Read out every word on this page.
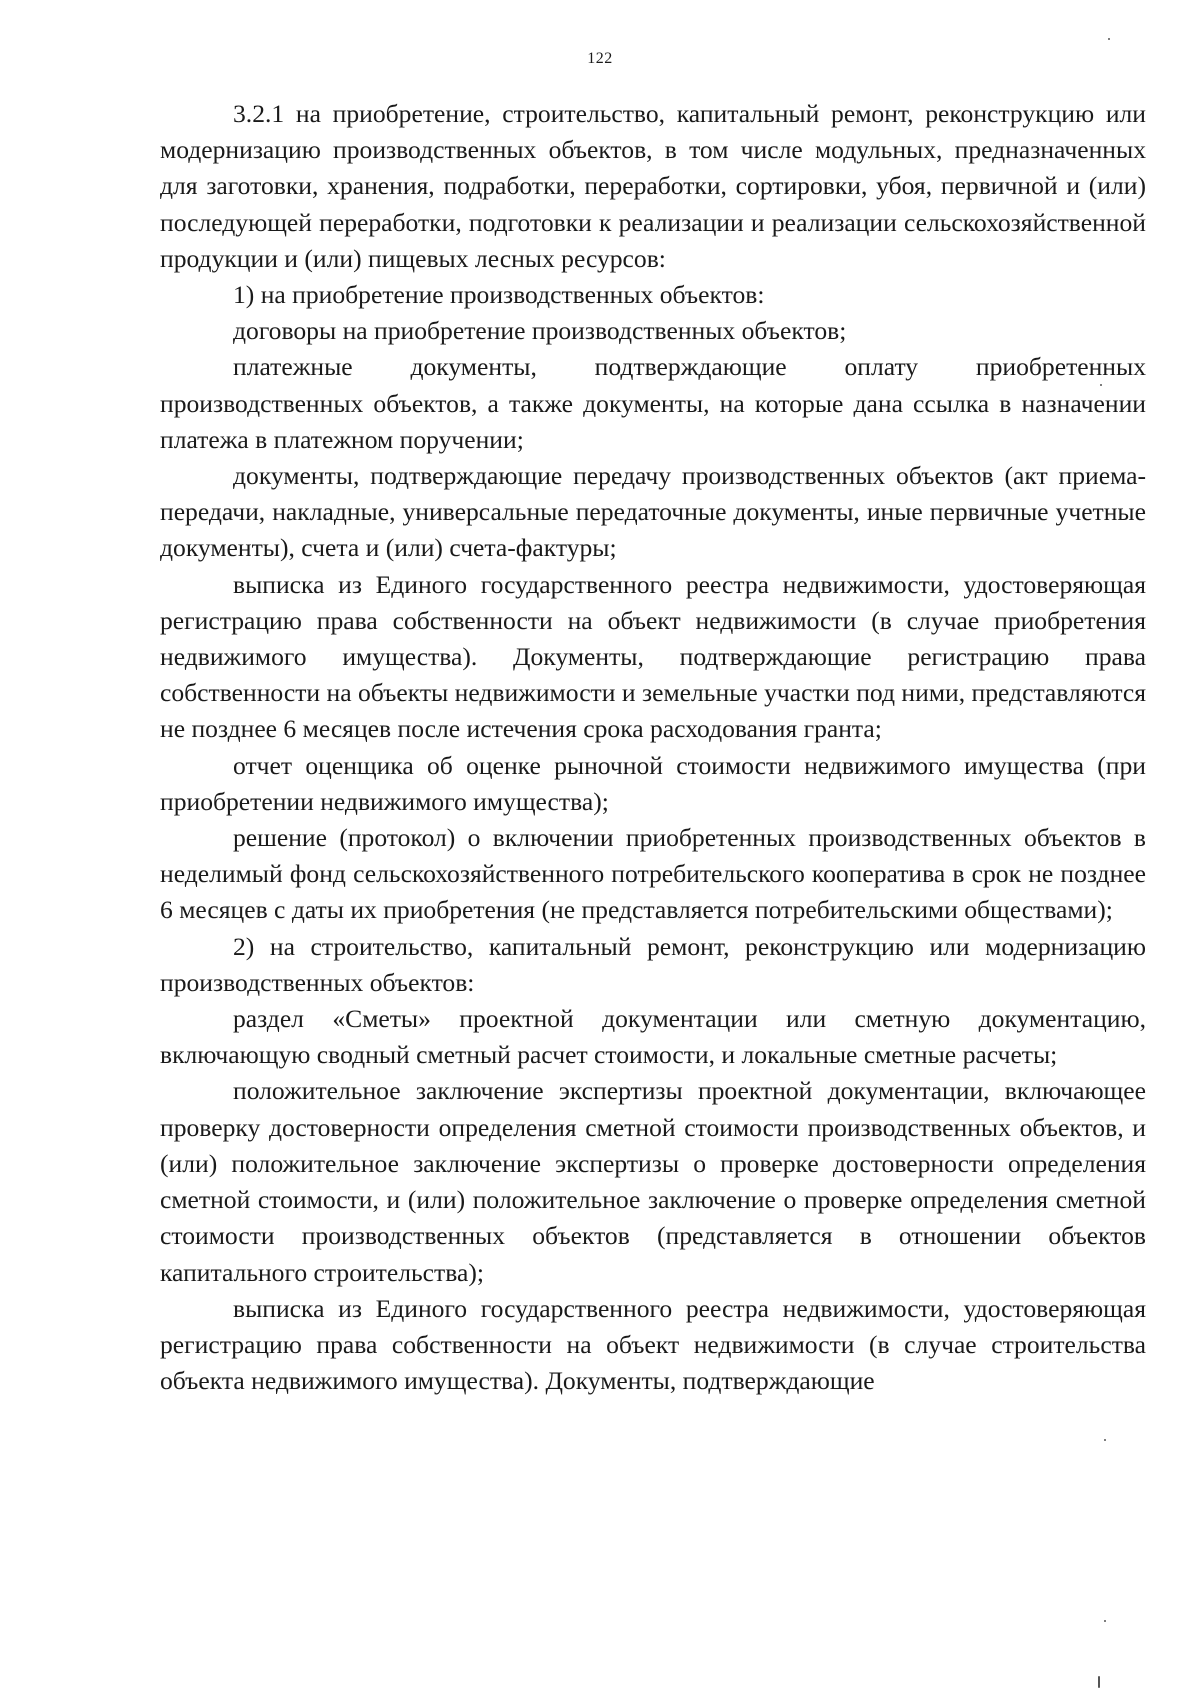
122

3.2.1 на приобретение, строительство, капитальный ремонт, реконструкцию или модернизацию производственных объектов, в том числе модульных, предназначенных для заготовки, хранения, подработки, переработки, сортировки, убоя, первичной и (или) последующей переработки, подготовки к реализации и реализации сельскохозяйственной продукции и (или) пищевых лесных ресурсов:

1) на приобретение производственных объектов:

договоры на приобретение производственных объектов;

платежные документы, подтверждающие оплату приобретенных производственных объектов, а также документы, на которые дана ссылка в назначении платежа в платежном поручении;

документы, подтверждающие передачу производственных объектов (акт приема-передачи, накладные, универсальные передаточные документы, иные первичные учетные документы), счета и (или) счета-фактуры;

выписка из Единого государственного реестра недвижимости, удостоверяющая регистрацию права собственности на объект недвижимости (в случае приобретения недвижимого имущества). Документы, подтверждающие регистрацию права собственности на объекты недвижимости и земельные участки под ними, представляются не позднее 6 месяцев после истечения срока расходования гранта;

отчет оценщика об оценке рыночной стоимости недвижимого имущества (при приобретении недвижимого имущества);

решение (протокол) о включении приобретенных производственных объектов в неделимый фонд сельскохозяйственного потребительского кооператива в срок не позднее 6 месяцев с даты их приобретения (не представляется потребительскими обществами);

2) на строительство, капитальный ремонт, реконструкцию или модернизацию производственных объектов:

раздел «Сметы» проектной документации или сметную документацию, включающую сводный сметный расчет стоимости, и локальные сметные расчеты;

положительное заключение экспертизы проектной документации, включающее проверку достоверности определения сметной стоимости производственных объектов, и (или) положительное заключение экспертизы о проверке достоверности определения сметной стоимости, и (или) положительное заключение о проверке определения сметной стоимости производственных объектов (представляется в отношении объектов капитального строительства);

выписка из Единого государственного реестра недвижимости, удостоверяющая регистрацию права собственности на объект недвижимости (в случае строительства объекта недвижимого имущества). Документы, подтверждающие
